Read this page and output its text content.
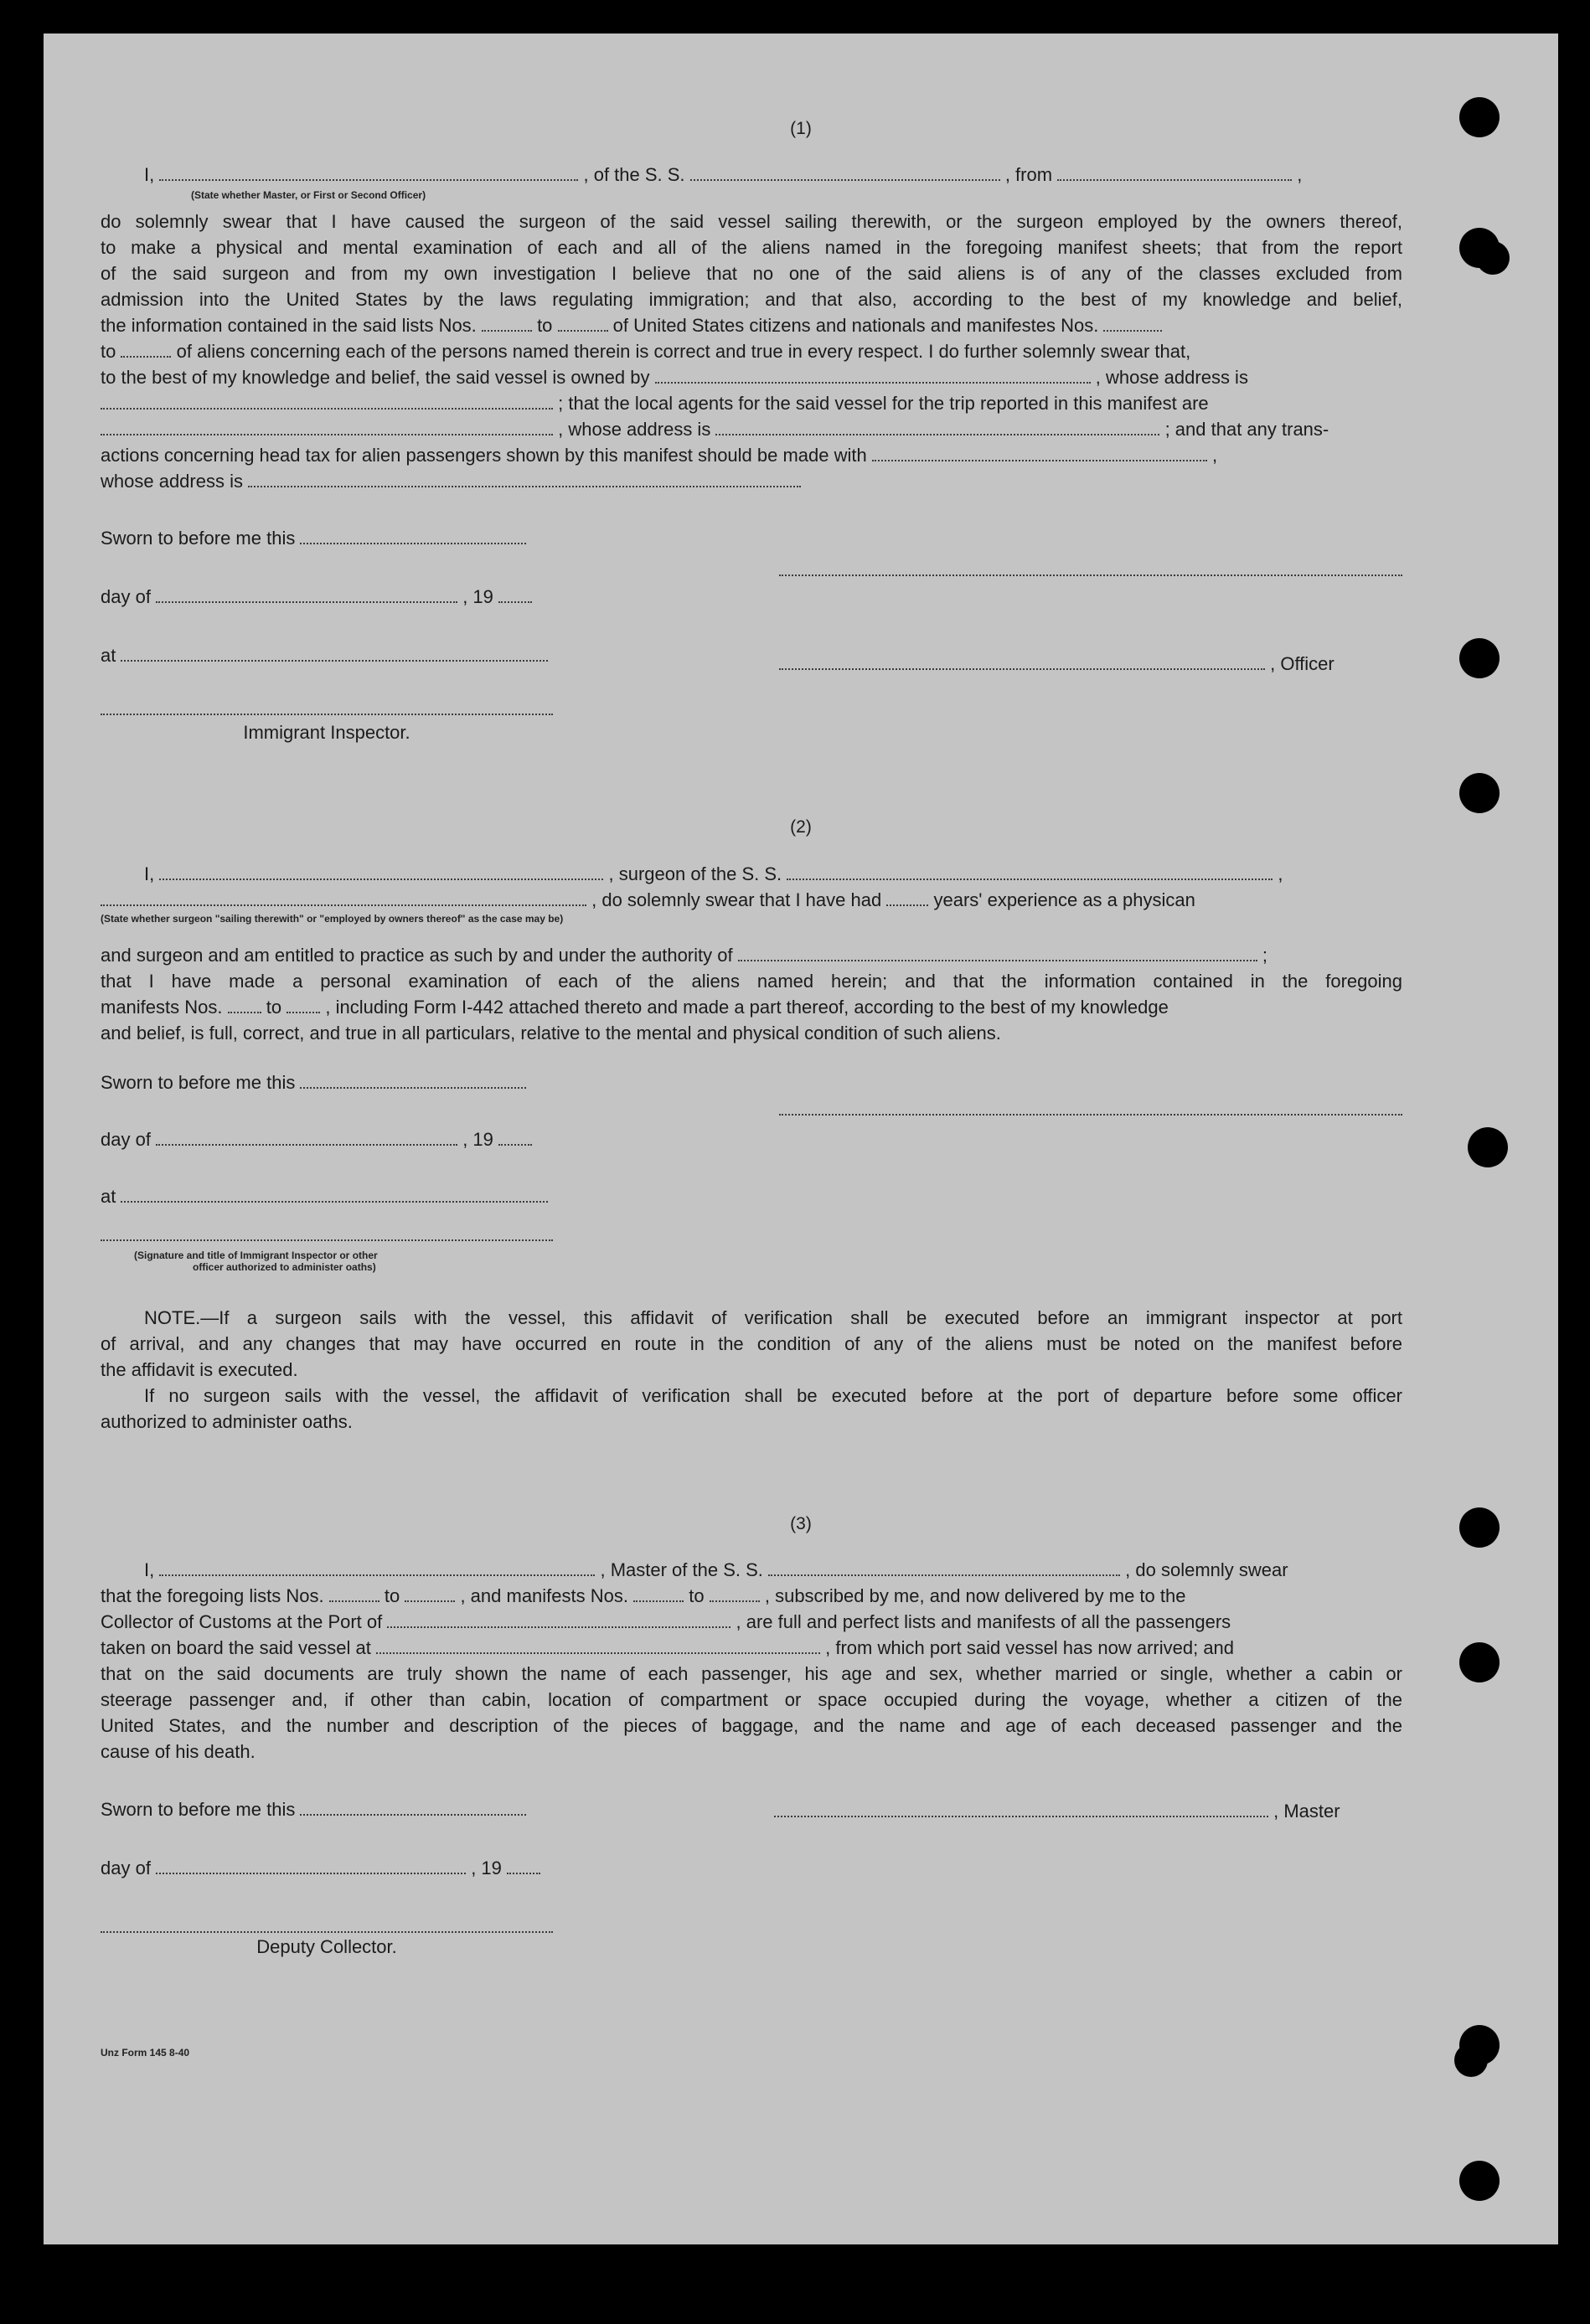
(1)
I,	, of the S. S.	, from	,
(State whether Master, or First or Second Officer)
do solemnly swear that I have caused the surgeon of the said vessel sailing therewith, or the surgeon employed by the owners thereof,
to make a physical and mental examination of each and all of the aliens named in the foregoing manifest sheets; that from the report
of the said surgeon and from my own investigation I believe that no one of the said aliens is of any of the classes excluded from
admission into the United States by the laws regulating immigration; and that also, according to the best of my knowledge and belief,
the information contained in the said lists Nos.	to	of United States citizens and nationals and manifestes Nos.
to	of aliens concerning each of the persons named therein is correct and true in every respect. I do further solemnly swear that,
to the best of my knowledge and belief, the said vessel is owned by	, whose address is
; that the local agents for the said vessel for the trip reported in this manifest are
, whose address is	; and that any trans-
actions concerning head tax for alien passengers shown by this manifest should be made with	,
whose address is
Sworn to before me this
day of	, 19
at	, Officer
Immigrant Inspector.
(2)
I,	, surgeon of the S. S.	,
, do solemnly swear that I have had	years' experience as a physican
(State whether surgeon "sailing therewith" or "employed by owners thereof" as the case may be)
and surgeon and am entitled to practice as such by and under the authority of	;
that I have made a personal examination of each of the aliens named herein; and that the information contained in the foregoing
manifests Nos. to , including Form I-442 attached thereto and made a part thereof, according to the best of my knowledge
and belief, is full, correct, and true in all particulars, relative to the mental and physical condition of such aliens.
Sworn to before me this
day of	, 19
at
(Signature and title of Immigrant Inspector or other
officer authorized to administer oaths)
NOTE.—If a surgeon sails with the vessel, this affidavit of verification shall be executed before an immigrant inspector at port
of arrival, and any changes that may have occurred en route in the condition of any of the aliens must be noted on the manifest before
the affidavit is executed.
If no surgeon sails with the vessel, the affidavit of verification shall be executed before at the port of departure before some officer
authorized to administer oaths.
(3)
I,	, Master of the S. S.	, do solemnly swear
that the foregoing lists Nos.	to	, and manifests Nos.	to	, subscribed by me, and now delivered by me to the
Collector of Customs at the Port of	, are full and perfect lists and manifests of all the passengers
taken on board the said vessel at	, from which port said vessel has now arrived; and
that on the said documents are truly shown the name of each passenger, his age and sex, whether married or single, whether a cabin or
steerage passenger and, if other than cabin, location of compartment or space occupied during the voyage, whether a citizen of the
United States, and the number and description of the pieces of baggage, and the name and age of each deceased passenger and the
cause of his death.
Sworn to before me this	, Master
day of	, 19
Deputy Collector.
Unz Form 145 8-40
